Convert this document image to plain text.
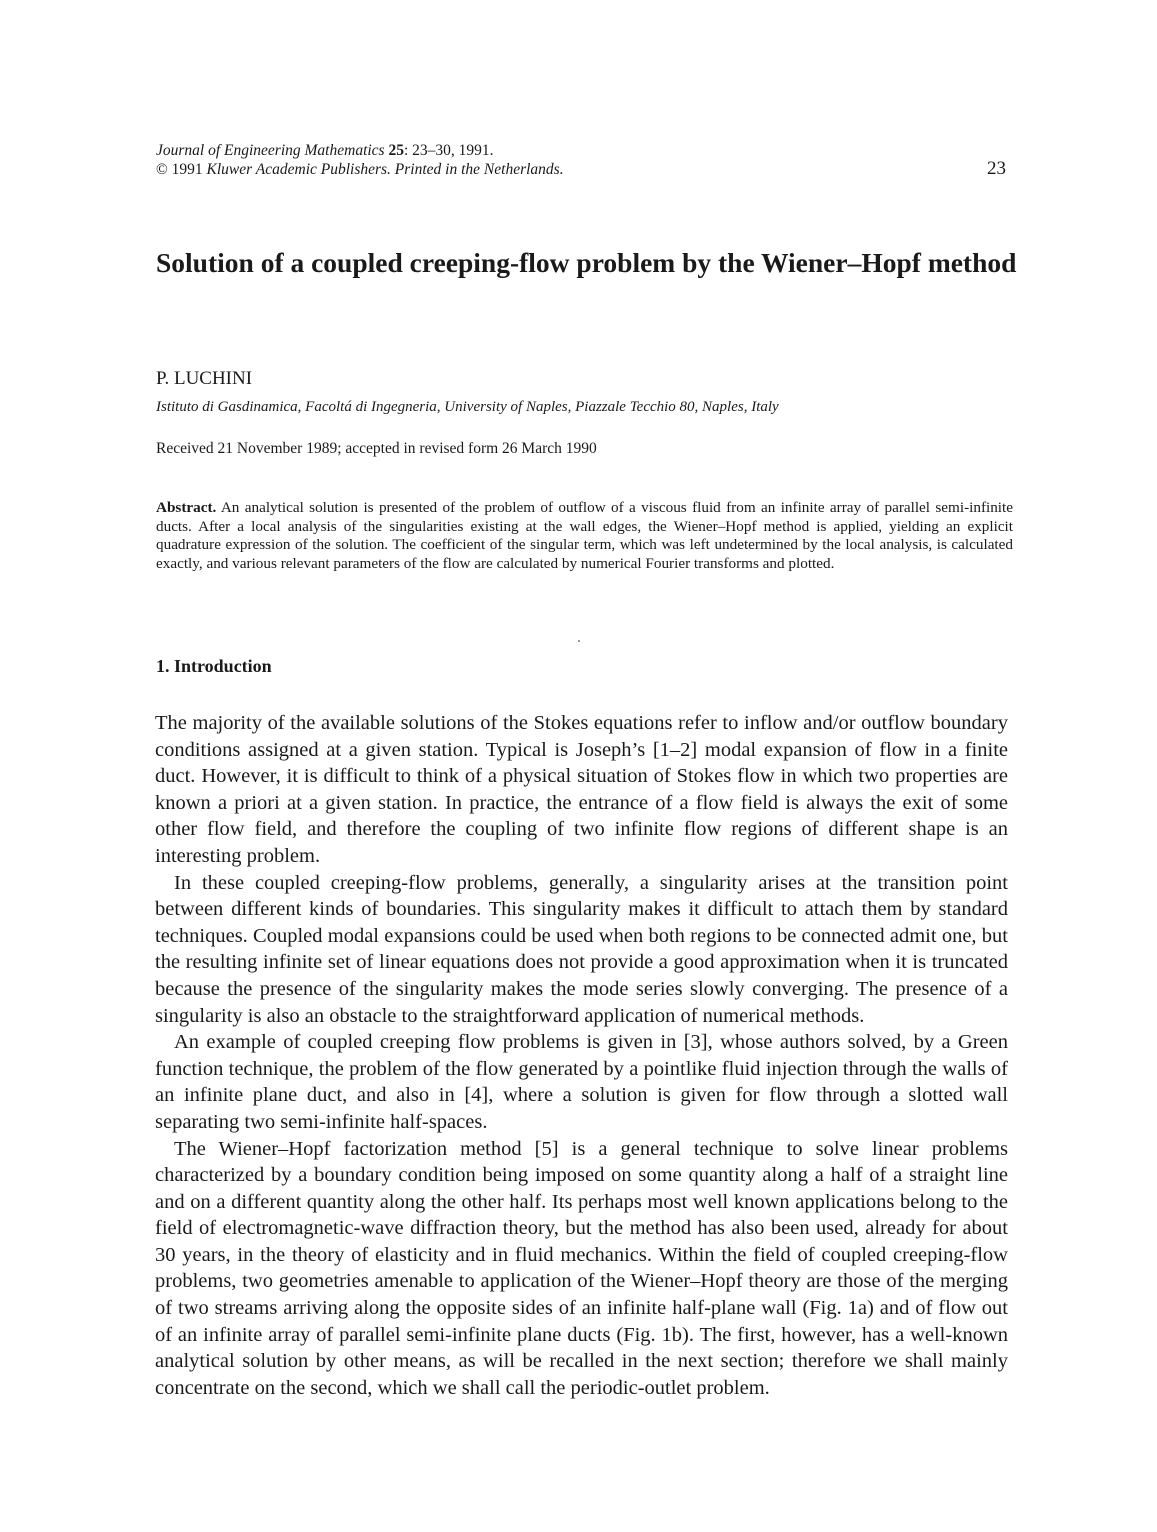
Journal of Engineering Mathematics 25: 23–30, 1991.
© 1991 Kluwer Academic Publishers. Printed in the Netherlands.	23
Solution of a coupled creeping-flow problem by the Wiener–Hopf method
P. LUCHINI
Istituto di Gasdinamica, Facoltá di Ingegneria, University of Naples, Piazzale Tecchio 80, Naples, Italy
Received 21 November 1989; accepted in revised form 26 March 1990

Abstract. An analytical solution is presented of the problem of outflow of a viscous fluid from an infinite array of parallel semi-infinite ducts. After a local analysis of the singularities existing at the wall edges, the Wiener–Hopf method is applied, yielding an explicit quadrature expression of the solution. The coefficient of the singular term, which was left undetermined by the local analysis, is calculated exactly, and various relevant parameters of the flow are calculated by numerical Fourier transforms and plotted.

1. Introduction

The majority of the available solutions of the Stokes equations refer to inflow and/or outflow boundary conditions assigned at a given station. Typical is Joseph’s [1–2] modal expansion of flow in a finite duct. However, it is difficult to think of a physical situation of Stokes flow in which two properties are known a priori at a given station. In practice, the entrance of a flow field is always the exit of some other flow field, and therefore the coupling of two infinite flow regions of different shape is an interesting problem.

In these coupled creeping-flow problems, generally, a singularity arises at the transition point between different kinds of boundaries. This singularity makes it difficult to attach them by standard techniques. Coupled modal expansions could be used when both regions to be connected admit one, but the resulting infinite set of linear equations does not provide a good approximation when it is truncated because the presence of the singularity makes the mode series slowly converging. The presence of a singularity is also an obstacle to the straightforward application of numerical methods.

An example of coupled creeping flow problems is given in [3], whose authors solved, by a Green function technique, the problem of the flow generated by a pointlike fluid injection through the walls of an infinite plane duct, and also in [4], where a solution is given for flow through a slotted wall separating two semi-infinite half-spaces.

The Wiener–Hopf factorization method [5] is a general technique to solve linear problems characterized by a boundary condition being imposed on some quantity along a half of a straight line and on a different quantity along the other half. Its perhaps most well known applications belong to the field of electromagnetic-wave diffraction theory, but the method has also been used, already for about 30 years, in the theory of elasticity and in fluid mechanics. Within the field of coupled creeping-flow problems, two geometries amenable to application of the Wiener–Hopf theory are those of the merging of two streams arriving along the opposite sides of an infinite half-plane wall (Fig. 1a) and of flow out of an infinite array of parallel semi-infinite plane ducts (Fig. 1b). The first, however, has a well-known analytical solution by other means, as will be recalled in the next section; therefore we shall mainly concentrate on the second, which we shall call the periodic-outlet problem.
